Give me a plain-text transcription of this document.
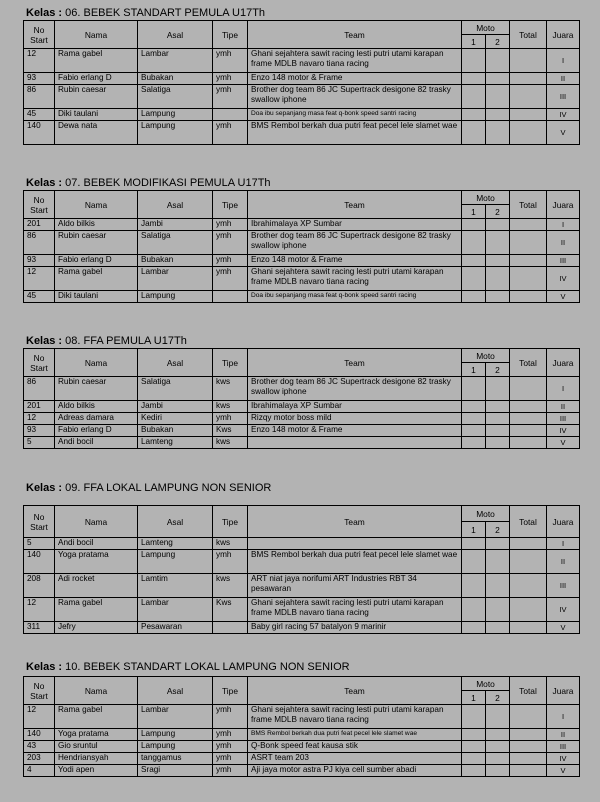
Kelas : 06. BEBEK STANDART PEMULA U17Th
No Start	Nama	Asal	Tipe	Team	Moto		Total	Juara
					1	2		
12	Rama gabel	Lambar	ymh	Ghani sejahtera sawit racing lesti putri utami karapan frame MDLB navaro tiana racing				I
93	Fabio erlang D	Bubakan	ymh	Enzo 148 motor & Frame				II
86	Rubin caesar	Salatiga	ymh	Brother dog team 86 JC Supertrack desigone 82 trasky swallow iphone				III
45	Diki taulani	Lampung		Doa ibu sepanjang masa feat q-bonk speed santri racing				IV
140	Dewa nata	Lampung	ymh	BMS Rembol berkah dua putri feat pecel lele slamet wae				V
Kelas : 07. BEBEK MODIFIKASI PEMULA U17Th
No Start	Nama	Asal	Tipe	Team	Moto		Total	Juara
					1	2		
201	Aldo bilkis	Jambi	ymh	Ibrahimalaya XP Sumbar				I
86	Rubin caesar	Salatiga	ymh	Brother dog team 86 JC Supertrack desigone 82 trasky swallow iphone				II
93	Fabio erlang D	Bubakan	ymh	Enzo 148 motor & Frame				III
12	Rama gabel	Lambar	ymh	Ghani sejahtera sawit racing lesti putri utami karapan frame MDLB navaro tiana racing				IV
45	Diki taulani	Lampung		Doa ibu sepanjang masa feat q-bonk speed santri racing				V
Kelas : 08. FFA PEMULA U17Th
No Start	Nama	Asal	Tipe	Team	Moto		Total	Juara
					1	2		
86	Rubin caesar	Salatiga	kws	Brother dog team 86 JC Supertrack desigone 82 trasky swallow iphone				I
201	Aldo bilkis	Jambi	kws	Ibrahimalaya XP Sumbar				II
12	Adreas damara	Kediri	ymh	Rizqy motor boss mild				III
93	Fabio erlang D	Bubakan	Kws	Enzo 148 motor & Frame				IV
5	Andi bocil	Lamteng	kws					V
Kelas : 09. FFA LOKAL LAMPUNG NON SENIOR
No Start	Nama	Asal	Tipe	Team	Moto		Total	Juara
					1	2		
5	Andi bocil	Lamteng	kws					I
140	Yoga pratama	Lampung	ymh	BMS Rembol berkah dua putri feat pecel lele slamet wae				II
208	Adi rocket	Lamtim	kws	ART niat jaya norifumi ART Industries RBT 34 pesawaran				III
12	Rama gabel	Lambar	Kws	Ghani sejahtera sawit racing lesti putri utami karapan frame MDLB navaro tiana racing				IV
311	Jefry	Pesawaran		Baby girl racing 57 batalyon 9 marinir				V
Kelas : 10. BEBEK STANDART LOKAL LAMPUNG NON SENIOR
No Start	Nama	Asal	Tipe	Team	Moto		Total	Juara
					1	2		
12	Rama gabel	Lambar	ymh	Ghani sejahtera sawit racing lesti putri utami karapan frame MDLB navaro tiana racing				I
140	Yoga pratama	Lampung	ymh	BMS Rembol berkah dua putri feat pecel lele slamet wae				II
43	Gio sruntul	Lampung	ymh	Q-Bonk speed feat kausa stik				III
203	Hendriansyah	tanggamus	ymh	ASRT team 203				IV
4	Yodi apen	Sragi	ymh	Aji jaya motor astra PJ kiya cell sumber abadi				V
